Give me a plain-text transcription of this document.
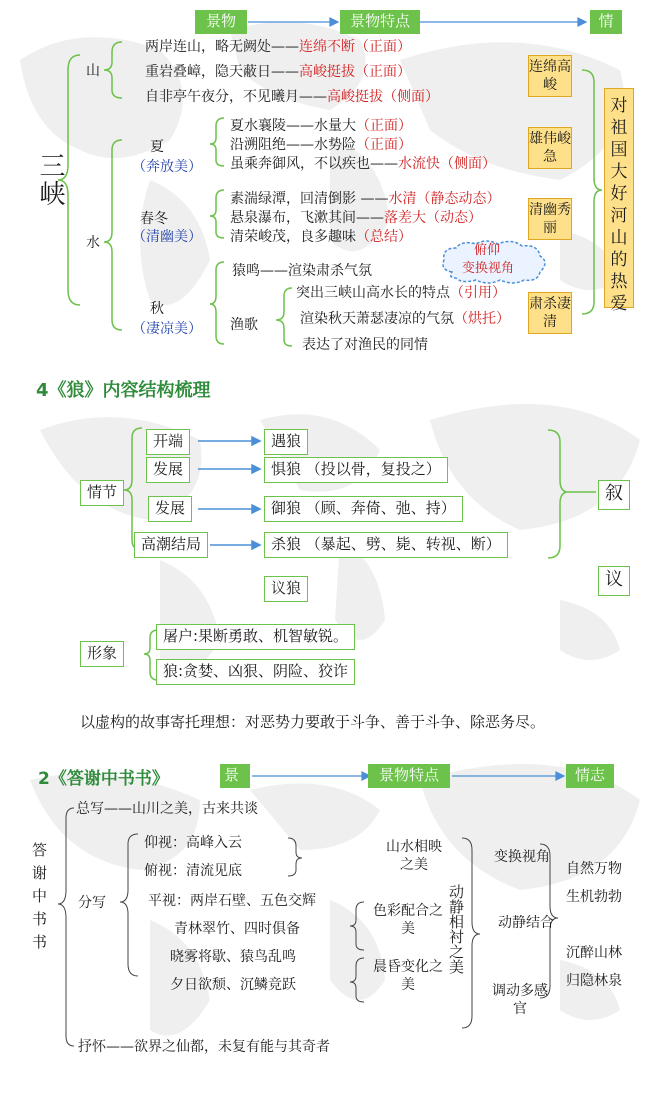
景物	景物特点	情
三峡
山
水
两岸连山，略无阙处——连绵不断（正面）
重岩叠嶂，隐天蔽日——高峻挺拔（正面）
自非亭午夜分，不见曦月——高峻挺拔（侧面）
夏
（奔放美）
夏水襄陵——水量大（正面）
沿溯阻绝——水势险（正面）
虽乘奔御风，不以疾也——水流快（侧面）
春冬
（清幽美）
素湍绿潭，回清倒影 ——水清（静态动态）
悬泉瀑布，飞漱其间——落差大（动态）
清荣峻茂，良多趣味（总结）
俯仰
变换视角
秋
（凄凉美）
猿鸣——渲染肃杀气氛
渔歌
突出三峡山高水长的特点（引用）
渲染秋天萧瑟凄凉的气氛（烘托）
表达了对渔民的同情
连绵高峻
雄伟峻急
清幽秀丽
肃杀凄清
对祖国大好河山的热爱
4《狼》内容结构梳理
情节
开端
发展
发展
高潮结局
遇狼
惧狼 （投以骨，复投之）
御狼 （顾、奔倚、弛、持）
杀狼 （暴起、劈、毙、转视、断）
议狼
叙
议
形象
屠户:果断勇敢、机智敏锐。
狼:贪婪、凶狠、阴险、狡诈
以虚构的故事寄托理想：对恶势力要敢于斗争、善于斗争、除恶务尽。
2《答谢中书书》	景	景物特点	情志
答谢中书书
总写——山川之美，古来共谈
分写
仰视：高峰入云
俯视：清流见底
平视：两岸石壁、五色交辉
青林翠竹、四时俱备
晓雾将歇、猿鸟乱鸣
夕日欲颓、沉鳞竞跃
抒怀——欲界之仙都，未复有能与其奇者
山水相映之美
色彩配合之美
晨昏变化之美
动静相衬之美
变换视角
动静结合
调动多感官
自然万物
生机勃勃
沉醉山林
归隐林泉
